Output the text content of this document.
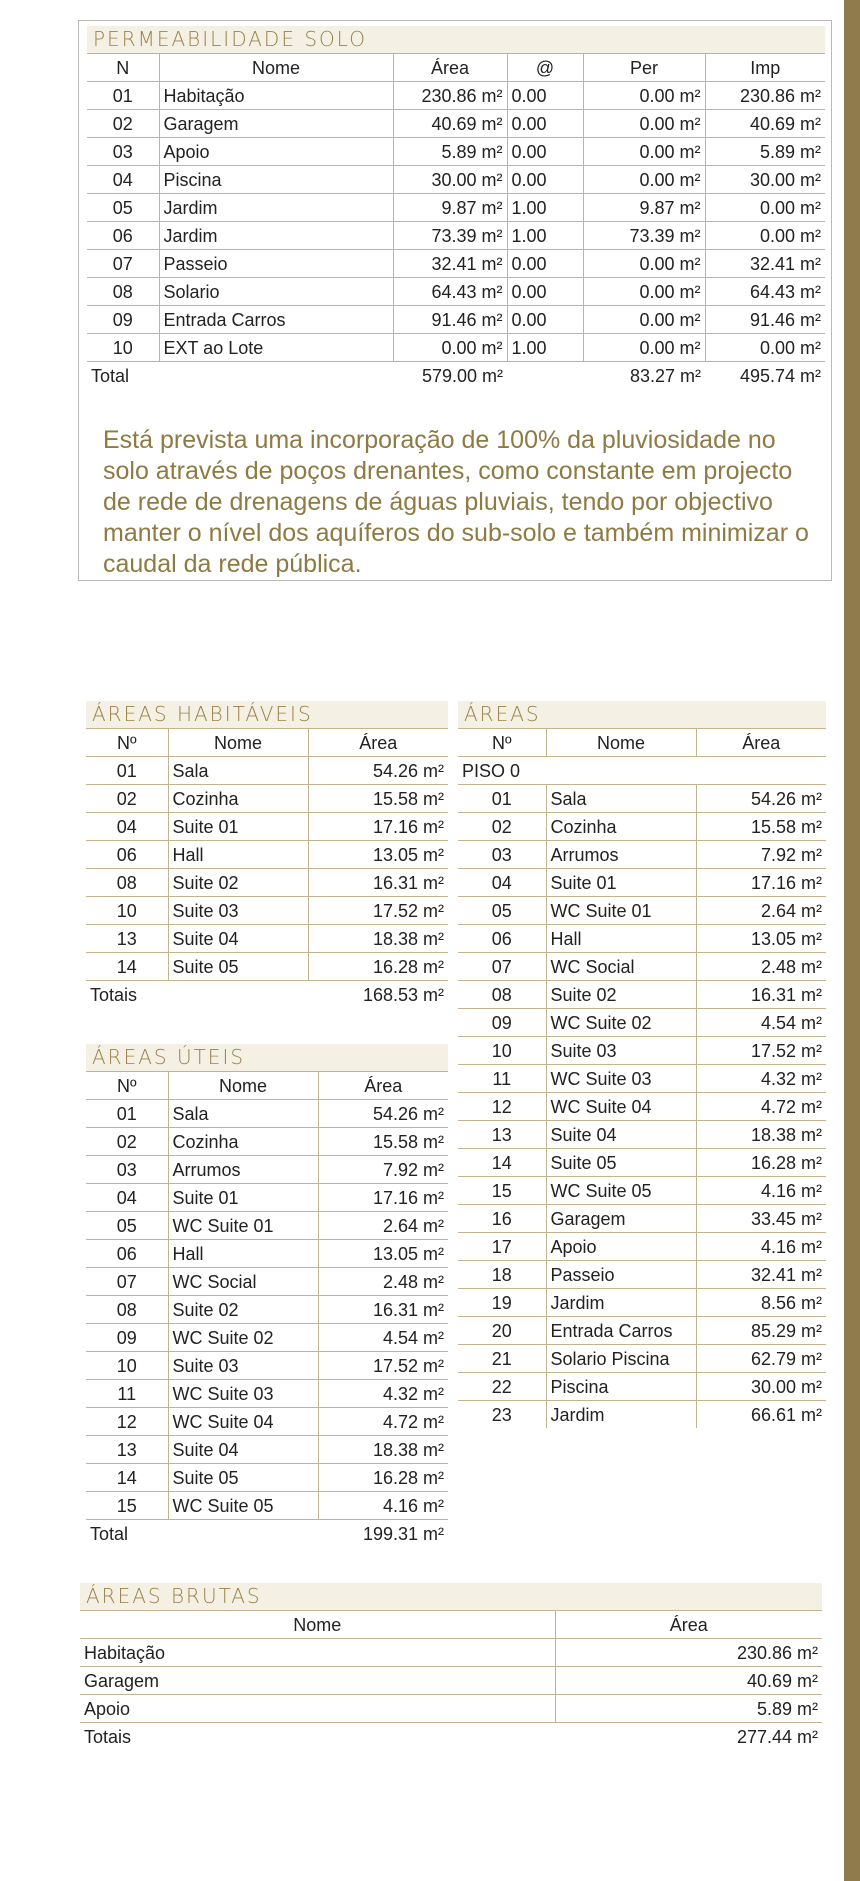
PERMEABILIDADE SOLO
N	Nome	Área	@	Per	Imp
01	Habitação	230.86 m²	0.00	0.00 m²	230.86 m²
02	Garagem	40.69 m²	0.00	0.00 m²	40.69 m²
03	Apoio	5.89 m²	0.00	0.00 m²	5.89 m²
04	Piscina	30.00 m²	0.00	0.00 m²	30.00 m²
05	Jardim	9.87 m²	1.00	9.87 m²	0.00 m²
06	Jardim	73.39 m²	1.00	73.39 m²	0.00 m²
07	Passeio	32.41 m²	0.00	0.00 m²	32.41 m²
08	Solario	64.43 m²	0.00	0.00 m²	64.43 m²
09	Entrada Carros	91.46 m²	0.00	0.00 m²	91.46 m²
10	EXT ao Lote	0.00 m²	1.00	0.00 m²	0.00 m²
Total		579.00 m²		83.27 m²	495.74 m²
Está prevista uma incorporação de 100% da pluviosidade no solo através de poços drenantes, como constante em projecto de rede de drenagens de águas pluviais, tendo por objectivo manter o nível dos aquíferos do sub-solo e também minimizar o caudal da rede pública.
ÁREAS HABITÁVEIS
Nº	Nome	Área
01	Sala	54.26 m²
02	Cozinha	15.58 m²
04	Suite 01	17.16 m²
06	Hall	13.05 m²
08	Suite 02	16.31 m²
10	Suite 03	17.52 m²
13	Suite 04	18.38 m²
14	Suite 05	16.28 m²
Totais		168.53 m²
ÁREAS ÚTEIS
Nº	Nome	Área
01	Sala	54.26 m²
02	Cozinha	15.58 m²
03	Arrumos	7.92 m²
04	Suite 01	17.16 m²
05	WC Suite 01	2.64 m²
06	Hall	13.05 m²
07	WC Social	2.48 m²
08	Suite 02	16.31 m²
09	WC Suite 02	4.54 m²
10	Suite 03	17.52 m²
11	WC Suite 03	4.32 m²
12	WC Suite 04	4.72 m²
13	Suite 04	18.38 m²
14	Suite 05	16.28 m²
15	WC Suite 05	4.16 m²
Total		199.31 m²
ÁREAS
Nº	Nome	Área
PISO 0		
01	Sala	54.26 m²
02	Cozinha	15.58 m²
03	Arrumos	7.92 m²
04	Suite 01	17.16 m²
05	WC Suite 01	2.64 m²
06	Hall	13.05 m²
07	WC Social	2.48 m²
08	Suite 02	16.31 m²
09	WC Suite 02	4.54 m²
10	Suite 03	17.52 m²
11	WC Suite 03	4.32 m²
12	WC Suite 04	4.72 m²
13	Suite 04	18.38 m²
14	Suite 05	16.28 m²
15	WC Suite 05	4.16 m²
16	Garagem	33.45 m²
17	Apoio	4.16 m²
18	Passeio	32.41 m²
19	Jardim	8.56 m²
20	Entrada Carros	85.29 m²
21	Solario Piscina	62.79 m²
22	Piscina	30.00 m²
23	Jardim	66.61 m²
ÁREAS BRUTAS
Nome	Área
Habitação	230.86 m²
Garagem	40.69 m²
Apoio	5.89 m²
Totais	277.44 m²
